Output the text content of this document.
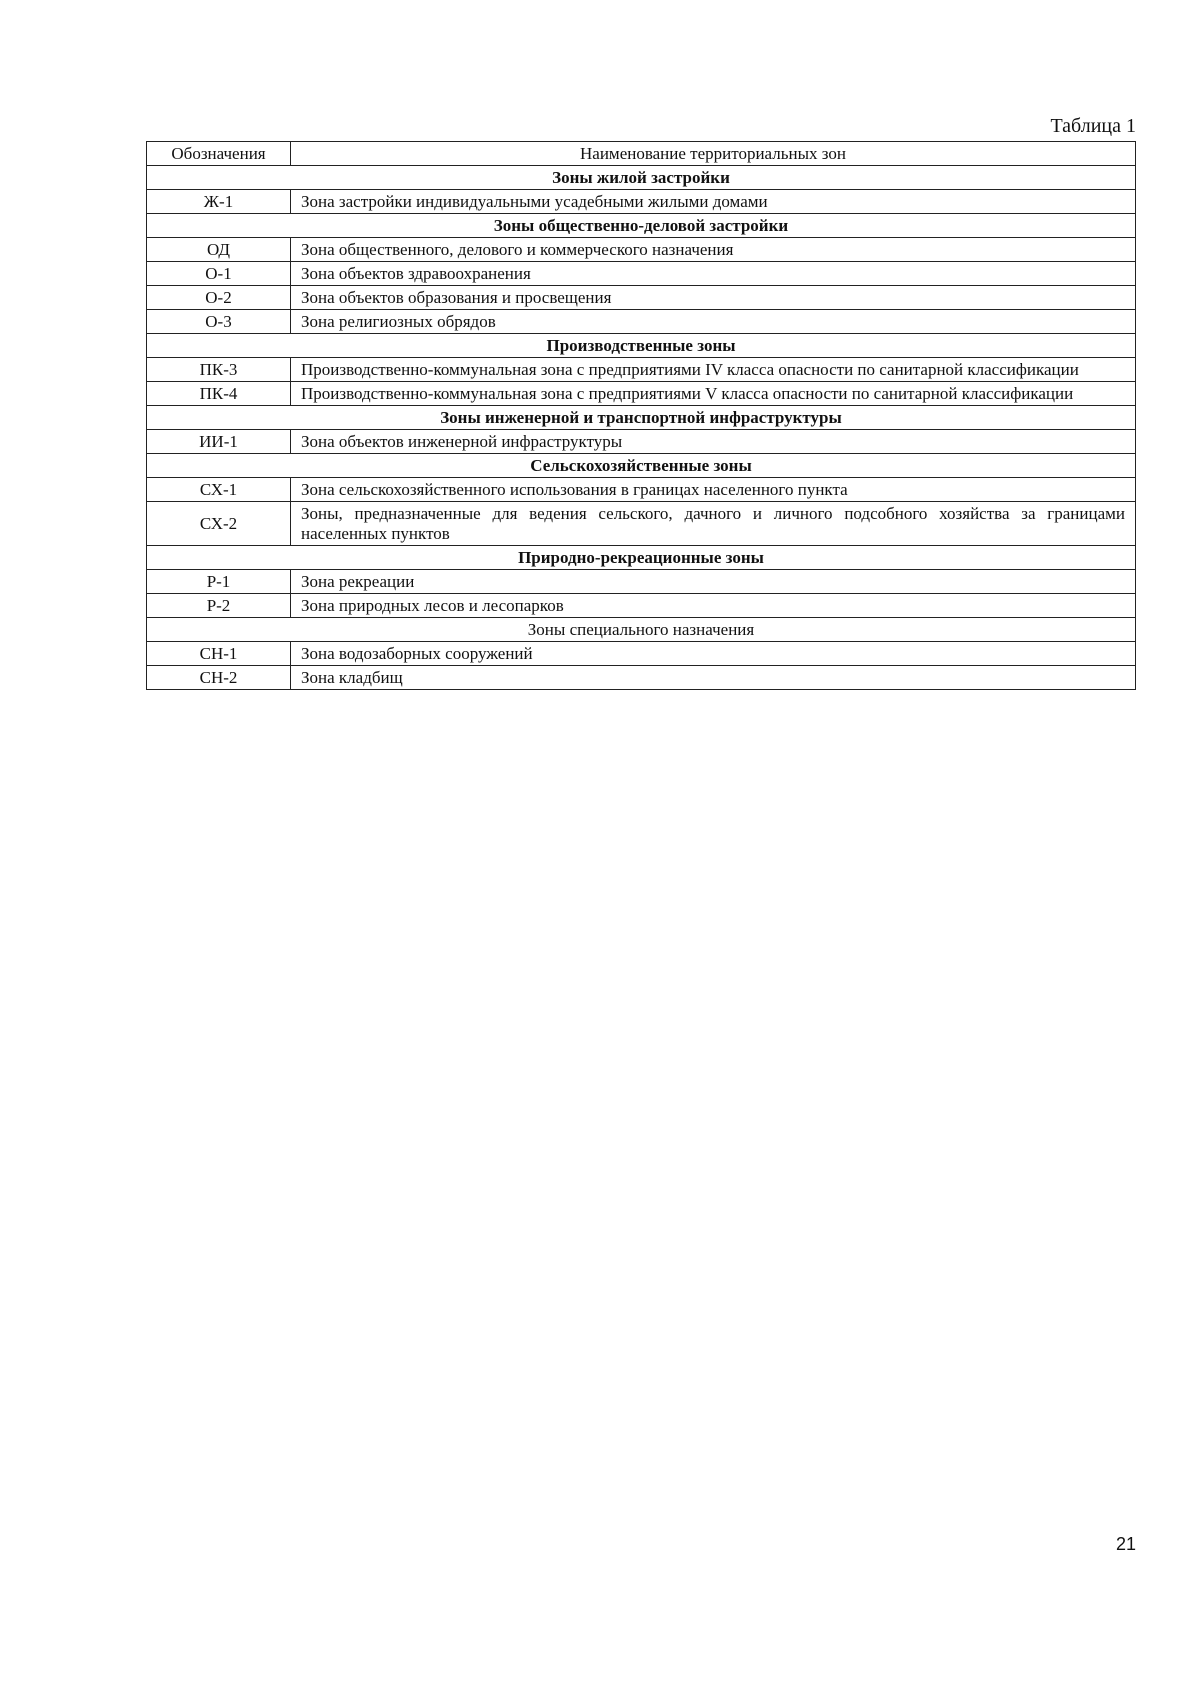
Таблица 1
Обозначения	Наименование территориальных зон
Зоны жилой застройки	
Ж-1	Зона застройки индивидуальными усадебными жилыми домами
Зоны общественно-деловой застройки	
ОД	Зона общественного, делового и коммерческого назначения
О-1	Зона объектов здравоохранения
О-2	Зона объектов образования и просвещения
О-3	Зона религиозных обрядов
Производственные зоны	
ПК-3	Производственно-коммунальная зона с предприятиями IV класса опасности по санитарной классификации
ПК-4	Производственно-коммунальная зона с предприятиями V класса опасности по санитарной классификации
Зоны инженерной и транспортной инфраструктуры	
ИИ-1	Зона объектов инженерной инфраструктуры
Сельскохозяйственные зоны	
СХ-1	Зона сельскохозяйственного использования в границах населенного пункта
СХ-2	Зоны, предназначенные для ведения сельского, дачного и личного подсобного хозяйства за границами населенных пунктов
Природно-рекреационные зоны	
Р-1	Зона рекреации
Р-2	Зона природных лесов и лесопарков
Зоны специального назначения	
СН-1	Зона водозаборных сооружений
СН-2	Зона кладбищ
21
